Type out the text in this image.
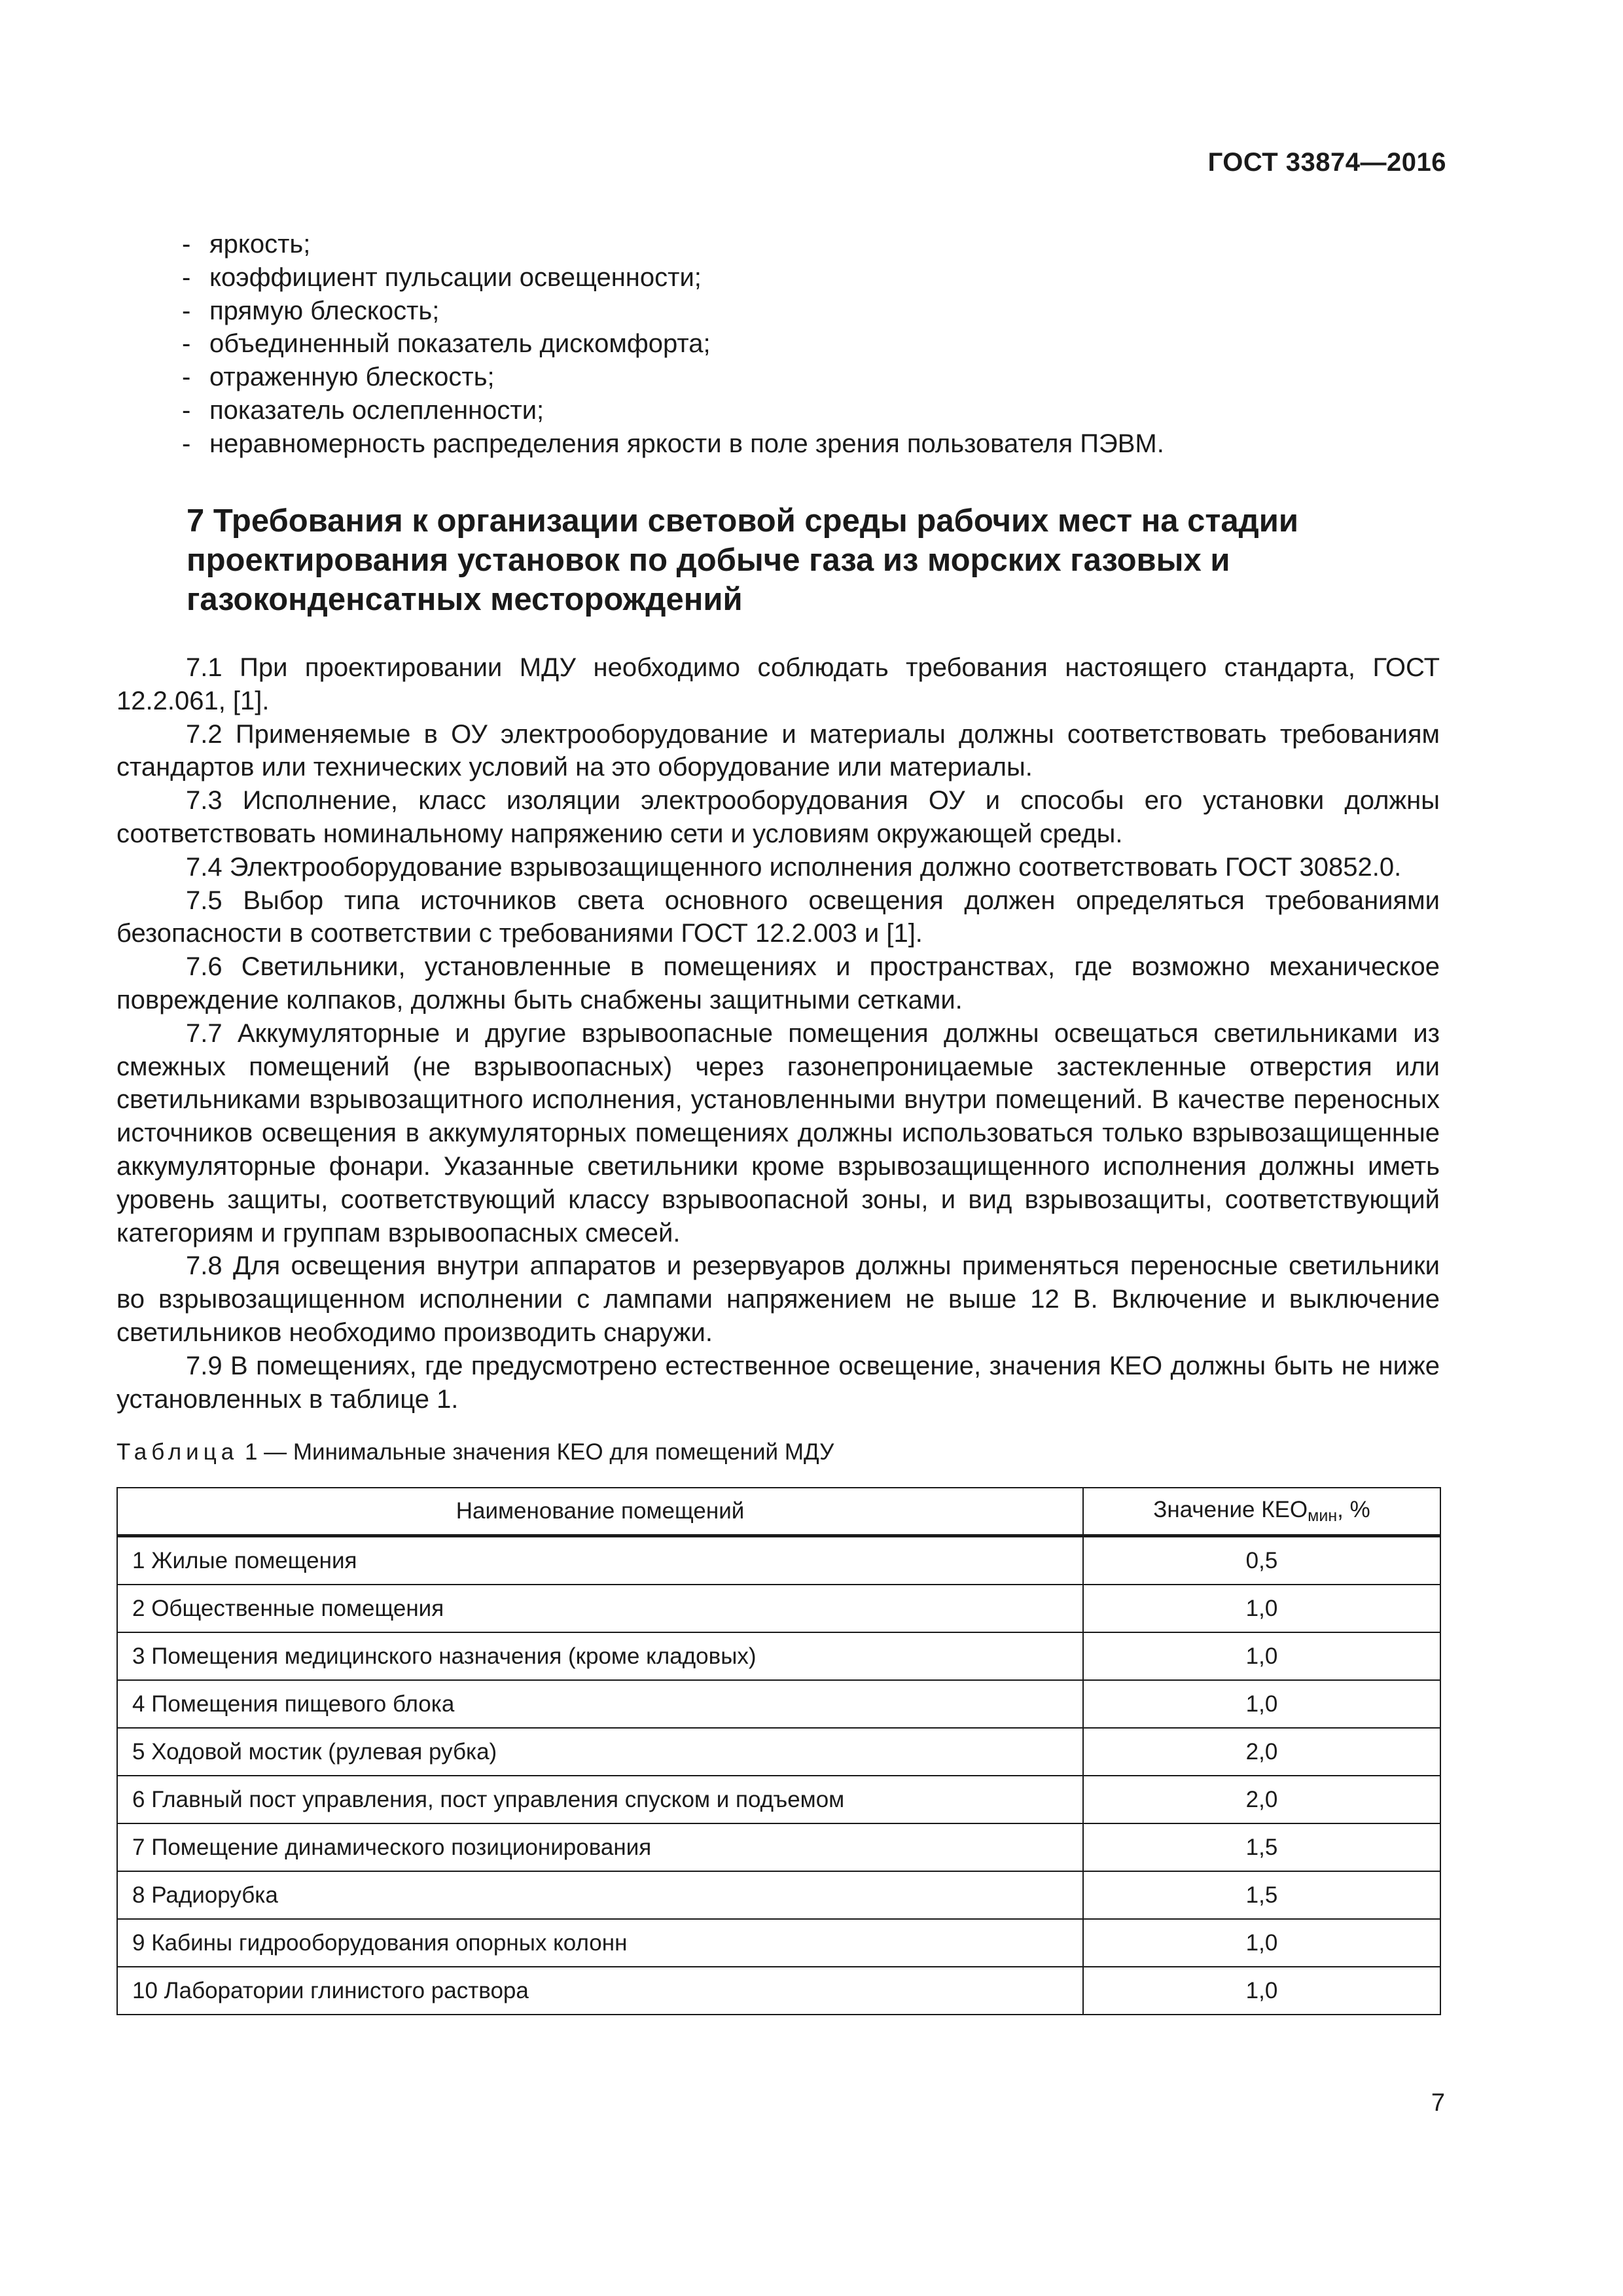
ГОСТ 33874—2016
- яркость;
- коэффициент пульсации освещенности;
- прямую блескость;
- объединенный показатель дискомфорта;
- отраженную блескость;
- показатель ослепленности;
- неравномерность распределения яркости в поле зрения пользователя ПЭВМ.
7 Требования к организации световой среды рабочих мест на стадии проектирования установок по добыче газа из морских газовых и газоконденсатных месторождений

7.1 При проектировании МДУ необходимо соблюдать требования настоящего стандарта, ГОСТ 12.2.061, [1].

7.2 Применяемые в ОУ электрооборудование и материалы должны соответствовать требованиям стандартов или технических условий на это оборудование или материалы.

7.3 Исполнение, класс изоляции электрооборудования ОУ и способы его установки должны соответствовать номинальному напряжению сети и условиям окружающей среды.

7.4 Электрооборудование взрывозащищенного исполнения должно соответствовать ГОСТ 30852.0.

7.5 Выбор типа источников света основного освещения должен определяться требованиями безопасности в соответствии с требованиями ГОСТ 12.2.003 и [1].

7.6 Светильники, установленные в помещениях и пространствах, где возможно механическое повреждение колпаков, должны быть снабжены защитными сетками.

7.7 Аккумуляторные и другие взрывоопасные помещения должны освещаться светильниками из смежных помещений (не взрывоопасных) через газонепроницаемые застекленные отверстия или светильниками взрывозащитного исполнения, установленными внутри помещений. В качестве переносных источников освещения в аккумуляторных помещениях должны использоваться только взрывозащищенные аккумуляторные фонари. Указанные светильники кроме взрывозащищенного исполнения должны иметь уровень защиты, соответствующий классу взрывоопасной зоны, и вид взрывозащиты, соответствующий категориям и группам взрывоопасных смесей.

7.8 Для освещения внутри аппаратов и резервуаров должны применяться переносные светильники во взрывозащищенном исполнении с лампами напряжением не выше 12 В. Включение и выключение светильников необходимо производить снаружи.

7.9 В помещениях, где предусмотрено естественное освещение, значения КЕО должны быть не ниже установленных в таблице 1.

Таблица 1 — Минимальные значения КЕО для помещений МДУ
Наименование помещений	Значение $КЕО_{мин}$, %
1 Жилые помещения	0,5
2 Общественные помещения	1,0
3 Помещения медицинского назначения (кроме кладовых)	1,0
4 Помещения пищевого блока	1,0
5 Ходовой мостик (рулевая рубка)	2,0
6 Главный пост управления, пост управления спуском и подъемом	2,0
7 Помещение динамического позиционирования	1,5
8 Радиорубка	1,5
9 Кабины гидрооборудования опорных колонн	1,0
10 Лаборатории глинистого раствора	1,0
7
